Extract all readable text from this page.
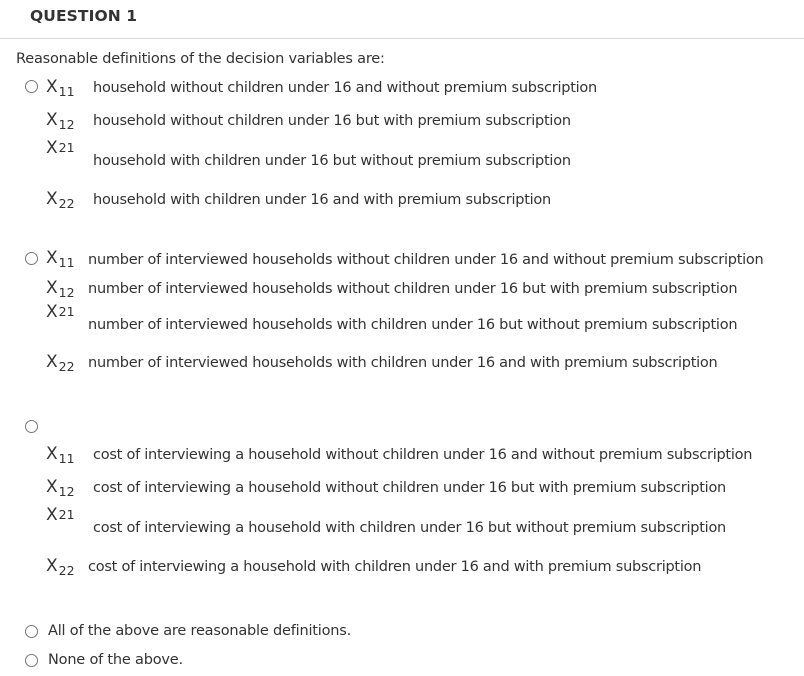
QUESTION 1
Reasonable definitions of the decision variables are:
$X_{11}$ household without children under 16 and without premium subscription
$X_{12}$ household without children under 16 but with premium subscription
X21
household with children under 16 but without premium subscription
$X_{22}$ household with children under 16 and with premium subscription
$X_{11}$ number of interviewed households without children under 16 and without premium subscription
$X_{12}$ number of interviewed households without children under 16 but with premium subscription
X21
number of interviewed households with children under 16 but without premium subscription
$X_{22}$ number of interviewed households with children under 16 and with premium subscription
$X_{11}$ cost of interviewing a household without children under 16 and without premium subscription
$X_{12}$ cost of interviewing a household without children under 16 but with premium subscription
X21
cost of interviewing a household with children under 16 but without premium subscription
$X_{22}$ cost of interviewing a household with children under 16 and with premium subscription
All of the above are reasonable definitions.
None of the above.
